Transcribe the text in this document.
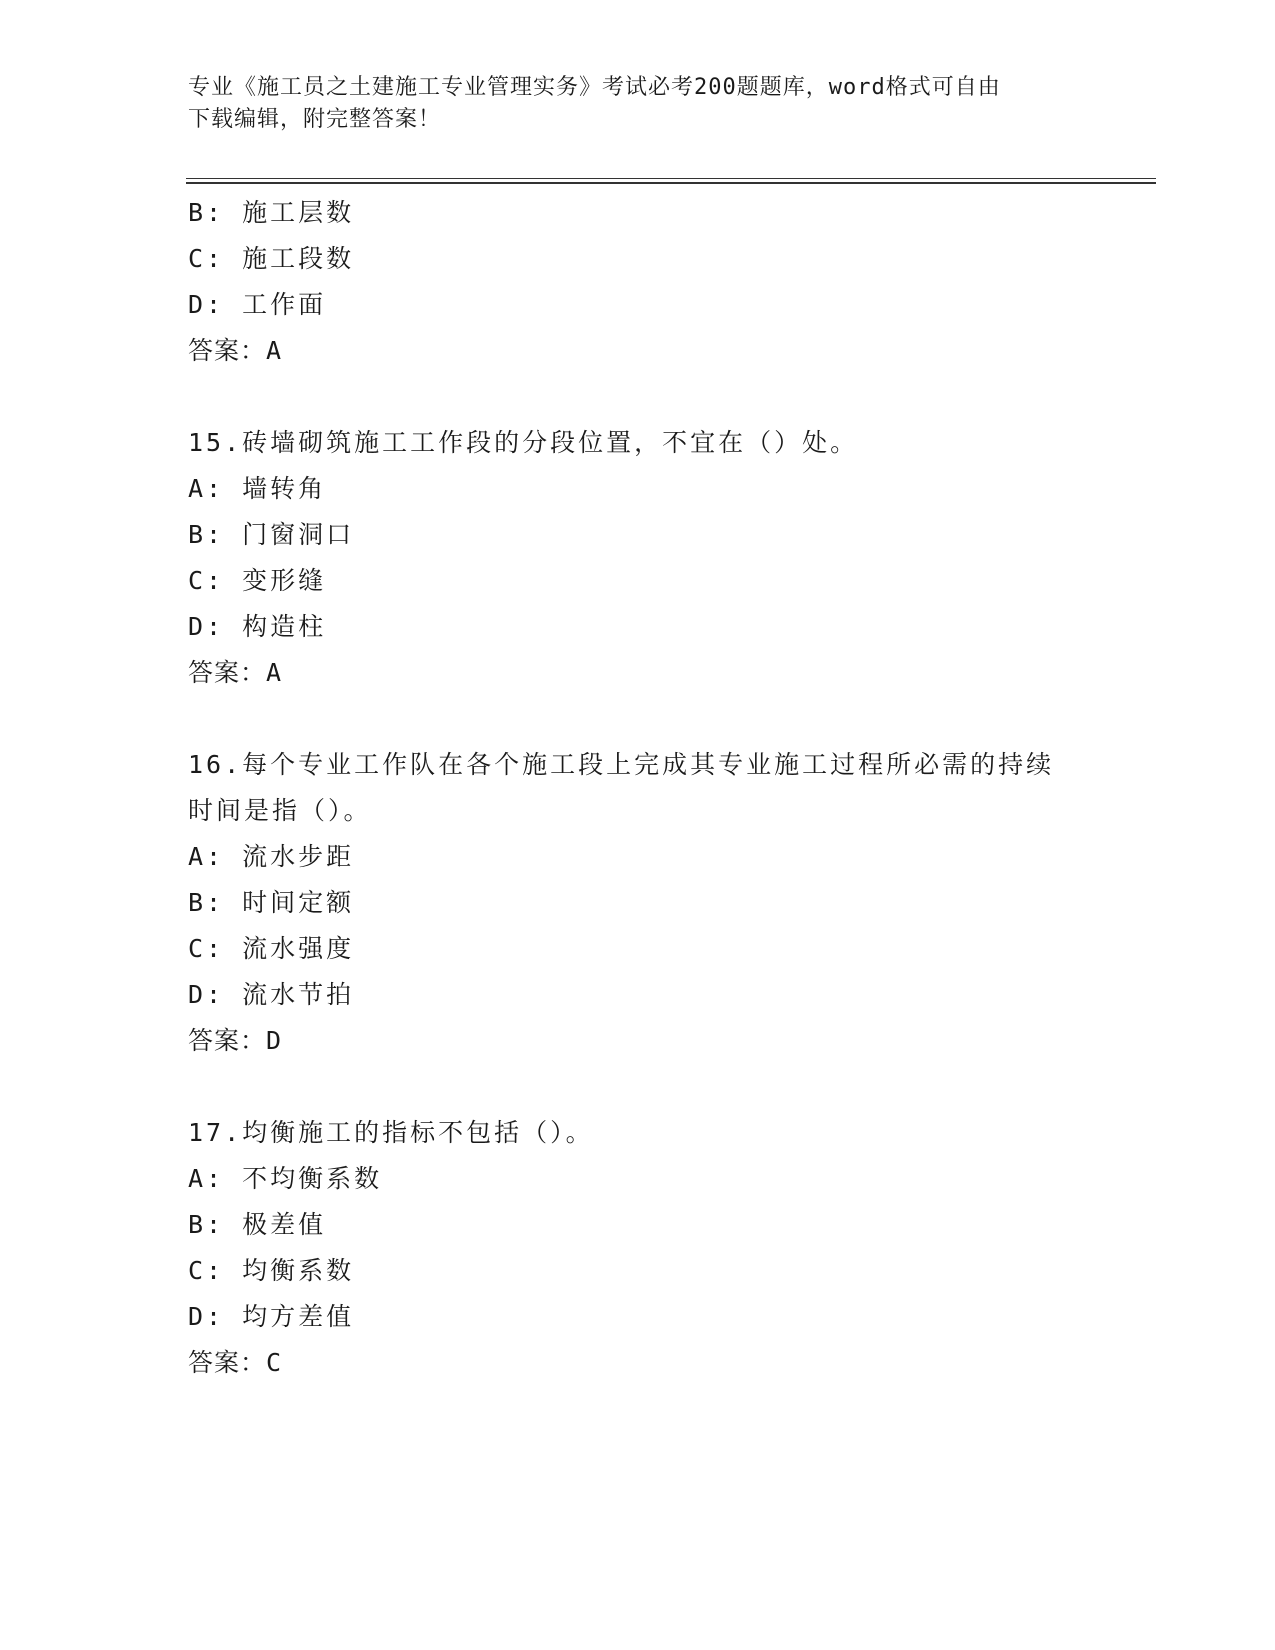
专业《施工员之土建施工专业管理实务》考试必考200题题库，word格式可自由
下载编辑，附完整答案！
B: 施工层数
C: 施工段数
D: 工作面
答案：A
15.砖墙砌筑施工工作段的分段位置，不宜在（）处。
A: 墙转角
B: 门窗洞口
C: 变形缝
D: 构造柱
答案：A
16.每个专业工作队在各个施工段上完成其专业施工过程所必需的持续
时间是指（）。
A: 流水步距
B: 时间定额
C: 流水强度
D: 流水节拍
答案：D
17.均衡施工的指标不包括（）。
A: 不均衡系数
B: 极差值
C: 均衡系数
D: 均方差值
答案：C
